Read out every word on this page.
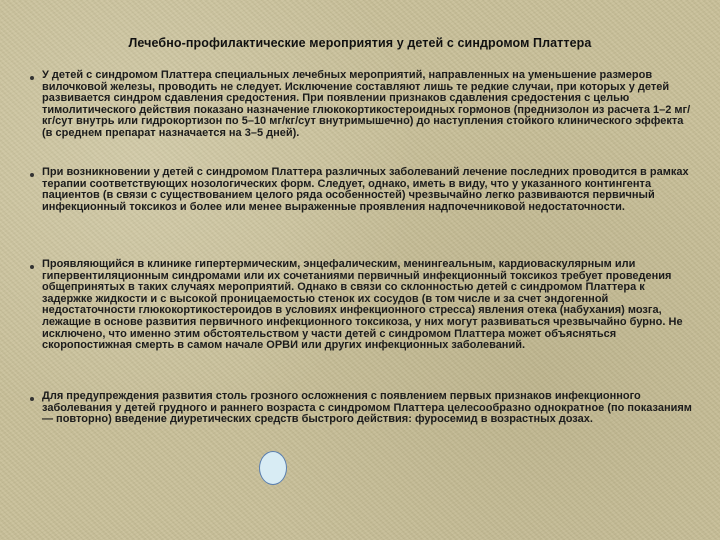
Лечебно-профилактические мероприятия у детей с синдромом Платтера
У детей с синдромом Платтера специальных лечебных мероприятий, направленных на уменьшение размеров вилочковой железы, проводить не следует. Исключение составляют лишь те редкие случаи, при которых у детей развивается синдром сдавления средостения. При появлении признаков сдавления средостения с целью тимолитического действия показано назначение глюкокортикостероидных гормонов (преднизолон из расчета 1–2 мг/кг/сут внутрь или гидрокортизон по 5–10 мг/кг/сут внутримышечно) до наступления стойкого клинического эффекта (в среднем препарат назначается на 3–5 дней).
При возникновении у детей с синдромом Платтера различных заболеваний лечение последних проводится в рамках терапии соответствующих нозологических форм. Следует, однако, иметь в виду, что у указанного контингента пациентов (в связи с существованием целого ряда особенностей) чрезвычайно легко развиваются первичный инфекционный токсикоз и более или менее выраженные проявления надпочечниковой недостаточности.
Проявляющийся в клинике гипертермическим, энцефалическим, менингеальным, кардиоваскулярным или гипервентиляционным синдромами или их сочетаниями первичный инфекционный токсикоз требует проведения общепринятых в таких случаях мероприятий. Однако в связи со склонностью детей с синдромом Платтера к задержке жидкости и с высокой проницаемостью стенок их сосудов (в том числе и за счет эндогенной недостаточности глюкокортикостероидов в условиях инфекционного стресса) явления отека (набухания) мозга, лежащие в основе развития первичного инфекционного токсикоза, у них могут развиваться чрезвычайно бурно. Не исключено, что именно этим обстоятельством у части детей с синдромом Платтера может объясняться скоропостижная смерть в самом начале ОРВИ или других инфекционных заболеваний.
Для предупреждения развития столь грозного осложнения с появлением первых признаков инфекционного заболевания у детей грудного и раннего возраста с синдромом Платтера целесообразно однократное (по показаниям — повторно) введение диуретических средств быстрого действия: фуросемид в возрастных дозах.
